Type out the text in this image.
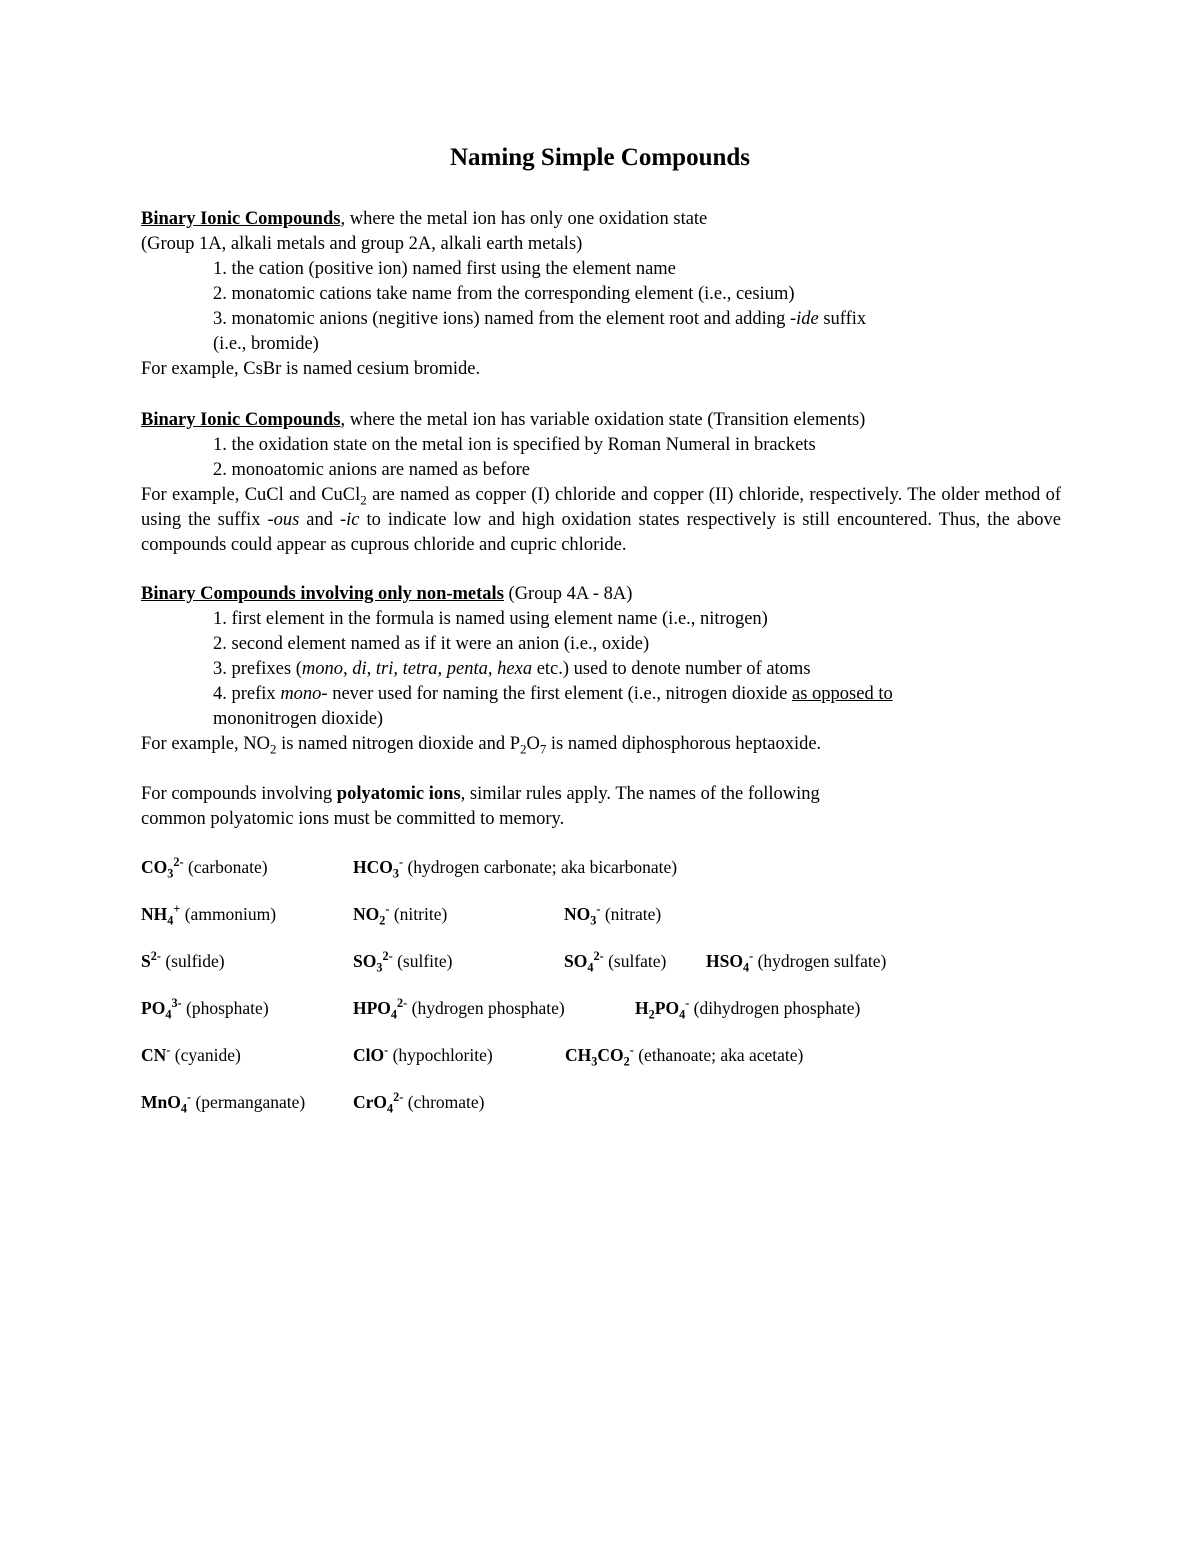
Naming Simple Compounds
Binary Ionic Compounds, where the metal ion has only one oxidation state
(Group 1A, alkali metals and group 2A, alkali earth metals)
1. the cation (positive ion) named first using the element name
2. monatomic cations take name from the corresponding element (i.e., cesium)
3. monatomic anions (negitive ions) named from the element root and adding -ide suffix
(i.e., bromide)
For example, CsBr is named cesium bromide.
Binary Ionic Compounds, where the metal ion has variable oxidation state (Transition elements)
1. the oxidation state on the metal ion is specified by Roman Numeral in brackets
2. monoatomic anions are named as before
For example, CuCl and CuCl$_2$ are named as copper (I) chloride and copper (II) chloride, respectively. The older method of using the suffix -ous and -ic to indicate low and high oxidation states respectively is still encountered. Thus, the above compounds could appear as cuprous chloride and cupric chloride.
Binary Compounds involving only non-metals (Group 4A - 8A)
1. first element in the formula is named using element name (i.e., nitrogen)
2. second element named as if it were an anion (i.e., oxide)
3. prefixes (mono, di, tri, tetra, penta, hexa etc.) used to denote number of atoms
4. prefix mono- never used for naming the first element (i.e., nitrogen dioxide as opposed to
mononitrogen dioxide)
For example, $NO_2$ is named nitrogen dioxide and $P_2O_7$ is named diphosphorous heptaoxide.
For compounds involving polyatomic ions, similar rules apply. The names of the following
common polyatomic ions must be committed to memory.
$CO_3^{2-}$ (carbonate)	$HCO_3^-$ (hydrogen carbonate; aka bicarbonate)
$NH_4^+$ (ammonium)	$NO_2^-$ (nitrite)	$NO_3^-$ (nitrate)
$S^{2-}$ (sulfide)	$SO_3^{2-}$ (sulfite)	$SO_4^{2-}$ (sulfate) $HSO_4^-$ (hydrogen sulfate)
$PO_4^{3-}$ (phosphate)	$HPO_4^{2-}$ (hydrogen phosphate)	$H_2PO_4^-$ (dihydrogen phosphate)
CN- (cyanide)	ClO- (hypochlorite)	$CH_3CO_2^-$ (ethanoate; aka acetate)
MnO$_4$- (permanganate)	CrO$_4^{2-}$ (chromate)
